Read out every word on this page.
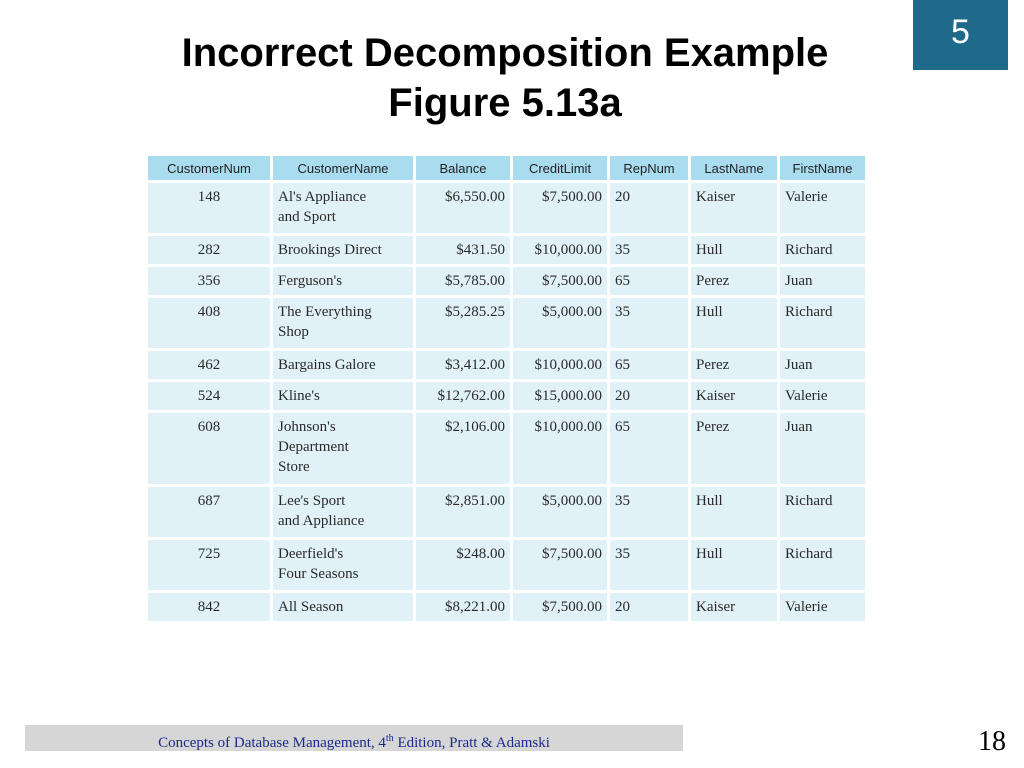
5
Incorrect Decomposition Example
Figure 5.13a
CustomerNum	CustomerName	Balance	CreditLimit	RepNum	LastName	FirstName
148	Al's Appliance
and Sport	$6,550.00	$7,500.00	20	Kaiser	Valerie
282	Brookings Direct	$431.50	$10,000.00	35	Hull	Richard
356	Ferguson's	$5,785.00	$7,500.00	65	Perez	Juan
408	The Everything
Shop	$5,285.25	$5,000.00	35	Hull	Richard
462	Bargains Galore	$3,412.00	$10,000.00	65	Perez	Juan
524	Kline's	$12,762.00	$15,000.00	20	Kaiser	Valerie
608	Johnson's
Department
Store	$2,106.00	$10,000.00	65	Perez	Juan
687	Lee's Sport
and Appliance	$2,851.00	$5,000.00	35	Hull	Richard
725	Deerfield's
Four Seasons	$248.00	$7,500.00	35	Hull	Richard
842	All Season	$8,221.00	$7,500.00	20	Kaiser	Valerie
Concepts of Database Management, 4th Edition, Pratt & Adamski	18
